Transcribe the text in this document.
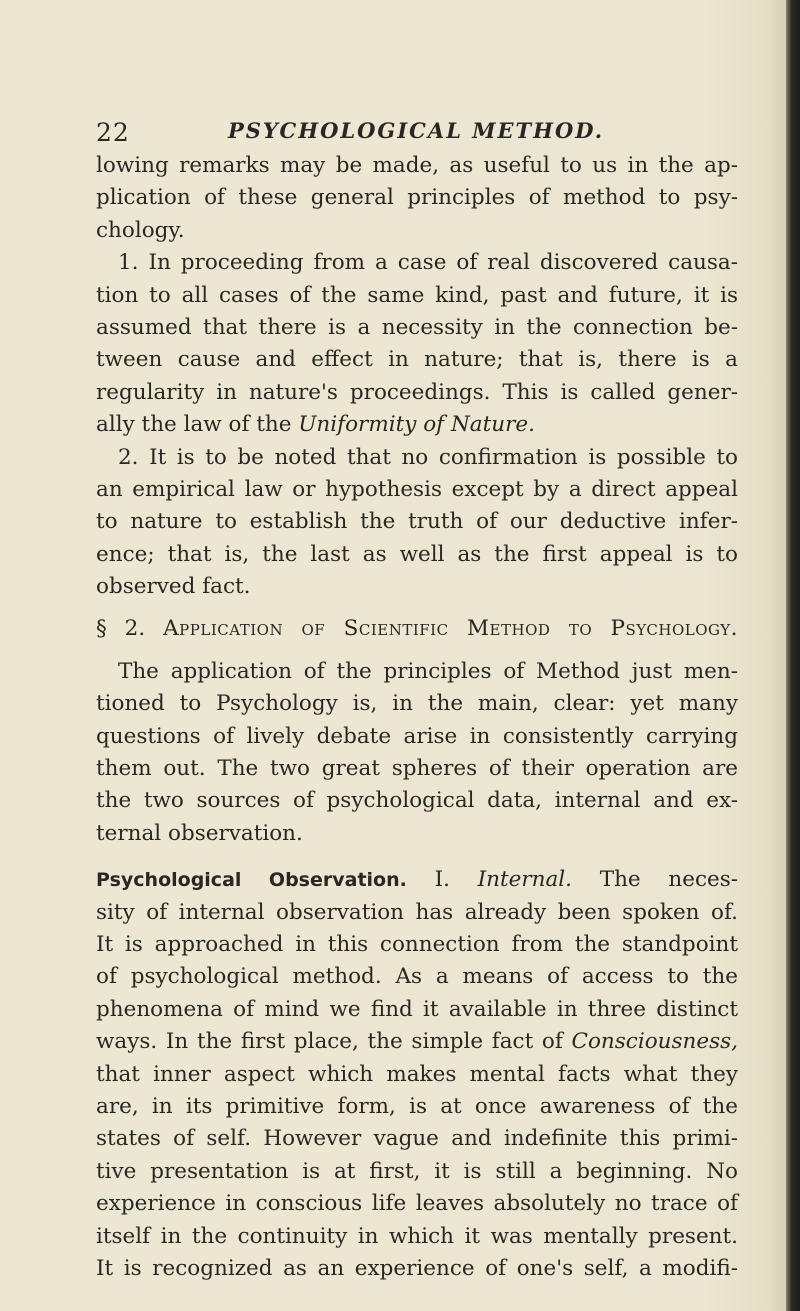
22	PSYCHOLOGICAL METHOD.
lowing remarks may be made, as useful to us in the ap-
plication of these general principles of method to psy-
chology.
1. In proceeding from a case of real discovered causa-
tion to all cases of the same kind, past and future, it is
assumed that there is a necessity in the connection be-
tween cause and effect in nature; that is, there is a
regularity in nature's proceedings. This is called gener-
ally the law of the Uniformity of Nature.
2. It is to be noted that no confirmation is possible to
an empirical law or hypothesis except by a direct appeal
to nature to establish the truth of our deductive infer-
ence; that is, the last as well as the first appeal is to
observed fact.
§ 2. Application of Scientific Method to Psychology.
The application of the principles of Method just men-
tioned to Psychology is, in the main, clear: yet many
questions of lively debate arise in consistently carrying
them out. The two great spheres of their operation are
the two sources of psychological data, internal and ex-
ternal observation.
Psychological Observation. I. Internal. The neces-
sity of internal observation has already been spoken of.
It is approached in this connection from the standpoint
of psychological method. As a means of access to the
phenomena of mind we find it available in three distinct
ways. In the first place, the simple fact of Consciousness,
that inner aspect which makes mental facts what they
are, in its primitive form, is at once awareness of the
states of self. However vague and indefinite this primi-
tive presentation is at first, it is still a beginning. No
experience in conscious life leaves absolutely no trace of
itself in the continuity in which it was mentally present.
It is recognized as an experience of one's self, a modifi-
